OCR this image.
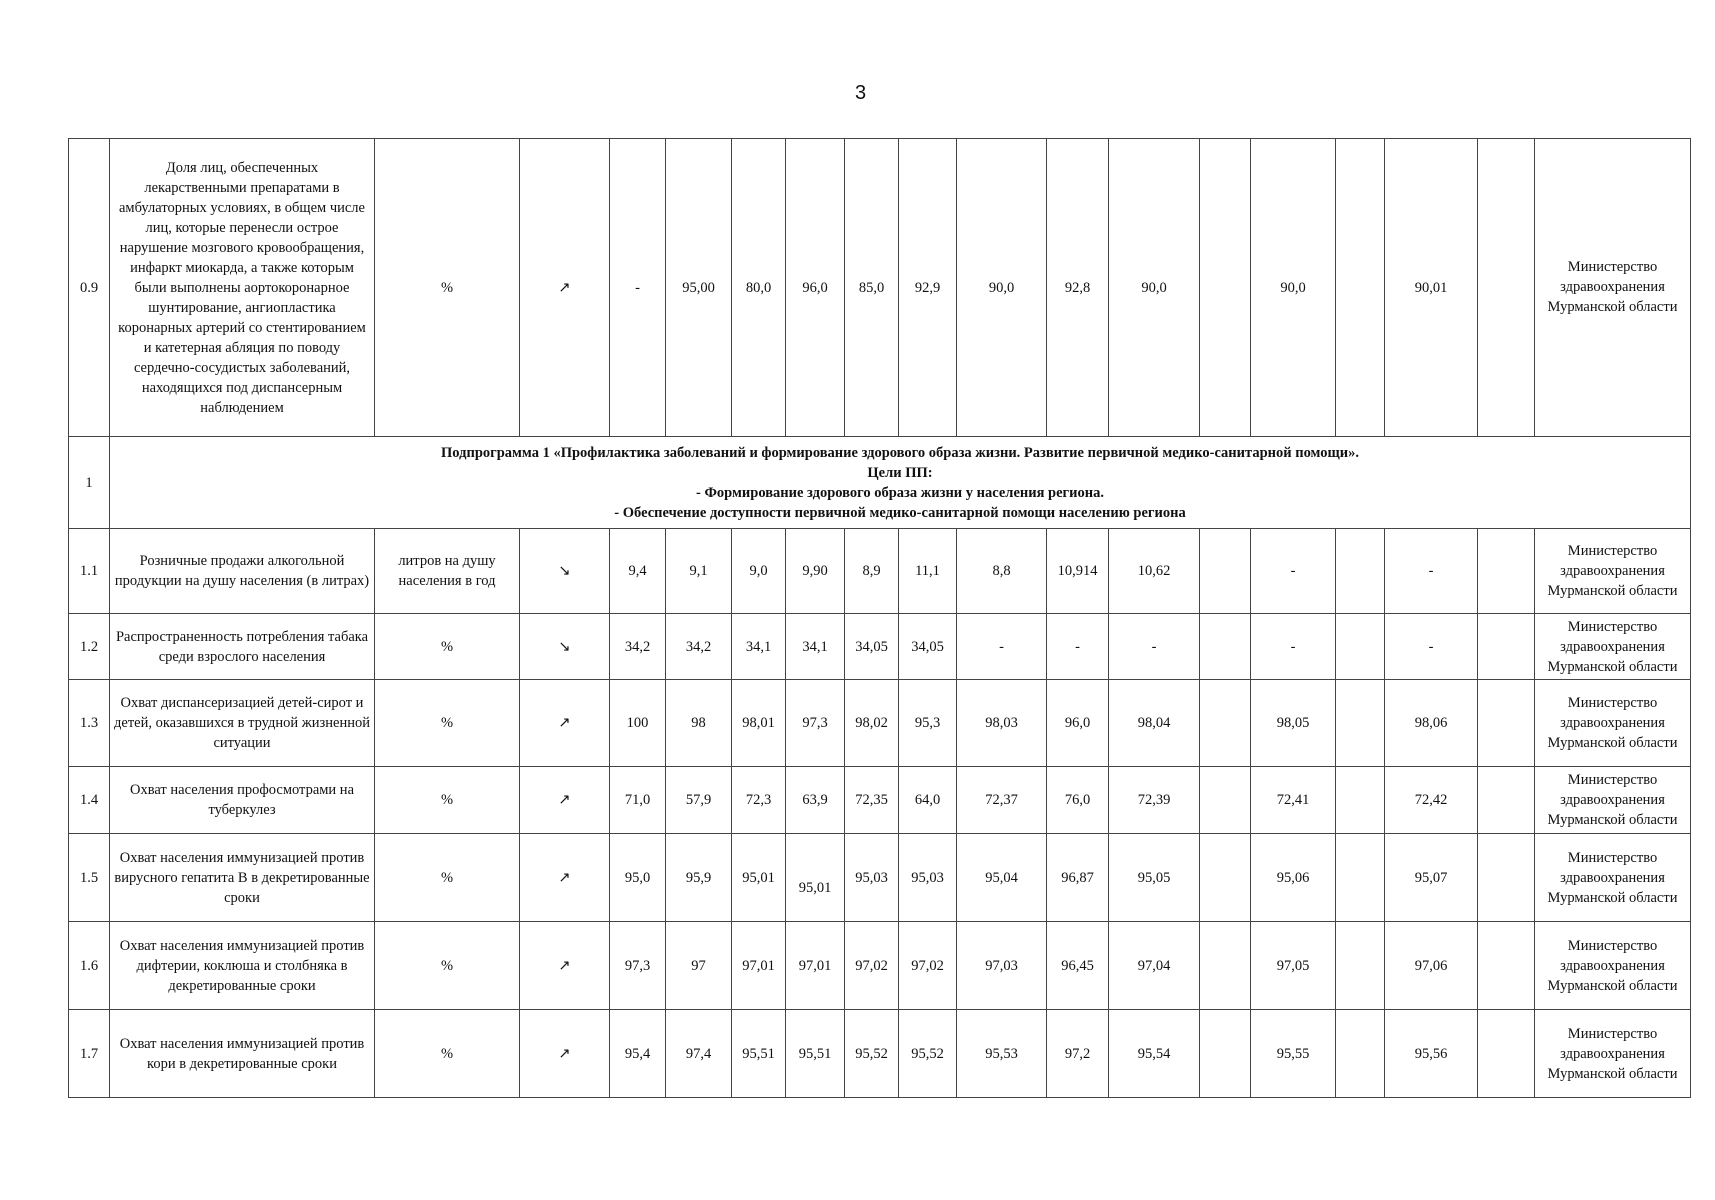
3
0.9	Доля лиц, обеспеченных лекарственными препаратами в амбулаторных условиях, в общем числе лиц, которые перенесли острое нарушение мозгового кровообращения, инфаркт миокарда, а также которым были выполнены аортокоронарное шунтирование, ангиопластика коронарных артерий со стентированием и катетерная абляция по поводу сердечно-сосудистых заболеваний, находящихся под диспансерным наблюдением	%	↗	-	95,00	80,0	96,0	85,0	92,9	90,0	92,8	90,0		90,0		90,01		Министерство здравоохранения Мурманской области
1	Подпрограмма 1 «Профилактика заболеваний и формирование здорового образа жизни. Развитие первичной медико-санитарной помощи».
Цели ПП:
- Формирование здорового образа жизни у населения региона.
- Обеспечение доступности первичной медико-санитарной помощи населению региона																	

1.1	Розничные продажи алкогольной продукции на душу населения (в литрах)	литров на душу населения в год	↘	9,4	9,1	9,0	9,90	8,9	11,1	8,8	10,914	10,62		-		-		Министерство здравоохранения Мурманской области
1.2	Распространенность потребления табака среди взрослого населения	%	↘	34,2	34,2	34,1	34,1	34,05	34,05	-	-	-		-		-		Министерство здравоохранения Мурманской области
1.3	Охват диспансеризацией детей-сирот и детей, оказавшихся в трудной жизненной ситуации	%	↗	100	98	98,01	97,3	98,02	95,3	98,03	96,0	98,04		98,05		98,06		Министерство здравоохранения Мурманской области
1.4	Охват населения профосмотрами на туберкулез	%	↗	71,0	57,9	72,3	63,9	72,35	64,0	72,37	76,0	72,39		72,41		72,42		Министерство здравоохранения Мурманской области
1.5	Охват населения иммунизацией против вирусного гепатита В в декретированные сроки	%	↗	95,0	95,9	95,01	95,01	95,03	95,03	95,04	96,87	95,05		95,06		95,07		Министерство здравоохранения Мурманской области
1.6	Охват населения иммунизацией против дифтерии, коклюша и столбняка в декретированные сроки	%	↗	97,3	97	97,01	97,01	97,02	97,02	97,03	96,45	97,04		97,05		97,06		Министерство здравоохранения Мурманской области
1.7	Охват населения иммунизацией против кори в декретированные сроки	%	↗	95,4	97,4	95,51	95,51	95,52	95,52	95,53	97,2	95,54		95,55		95,56		Министерство здравоохранения Мурманской области
